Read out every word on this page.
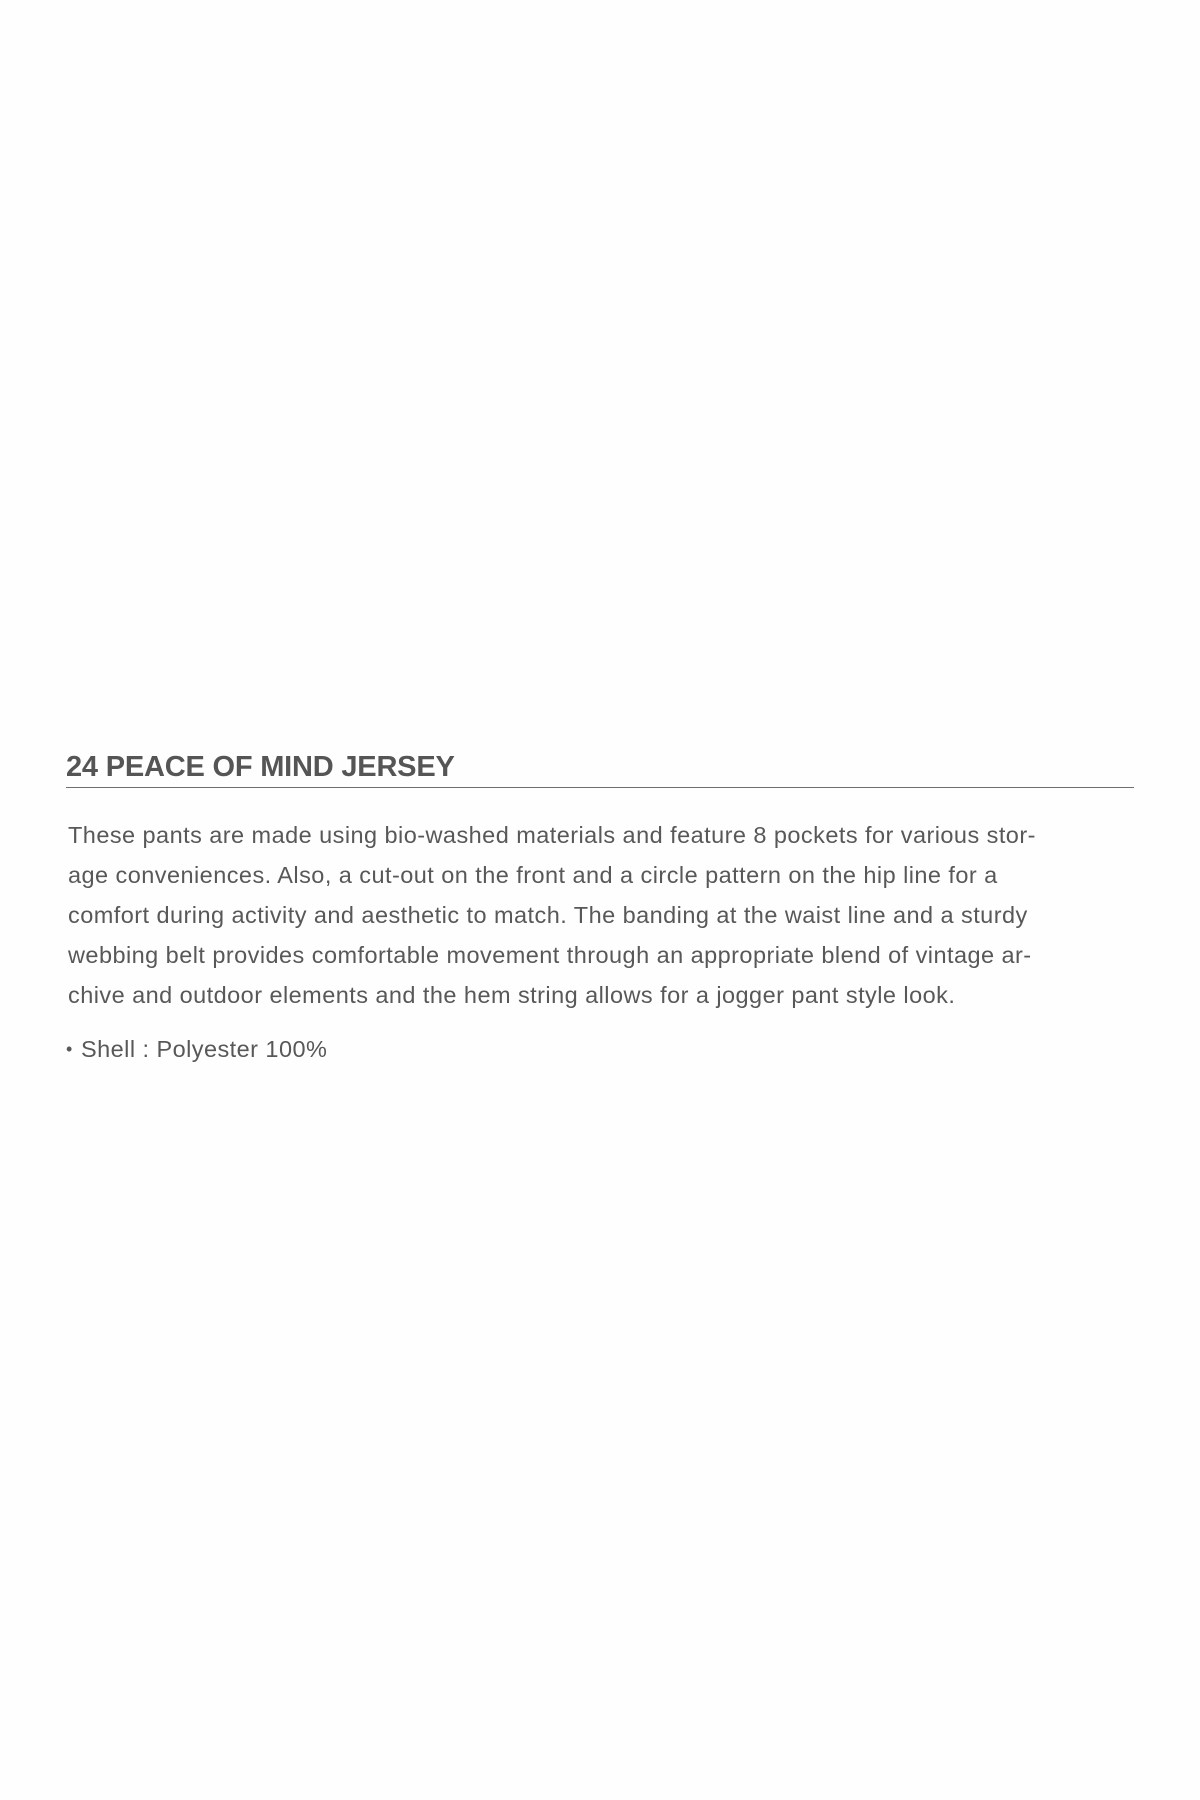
24 PEACE OF MIND JERSEY

These pants are made using bio-washed materials and feature 8 pockets for various stor-
age conveniences. Also, a cut-out on the front and a circle pattern on the hip line for a
comfort during activity and aesthetic to match. The banding at the waist line and a sturdy
webbing belt provides comfortable movement through an appropriate blend of vintage ar-
chive and outdoor elements and the hem string allows for a jogger pant style look.

• Shell : Polyester 100%
